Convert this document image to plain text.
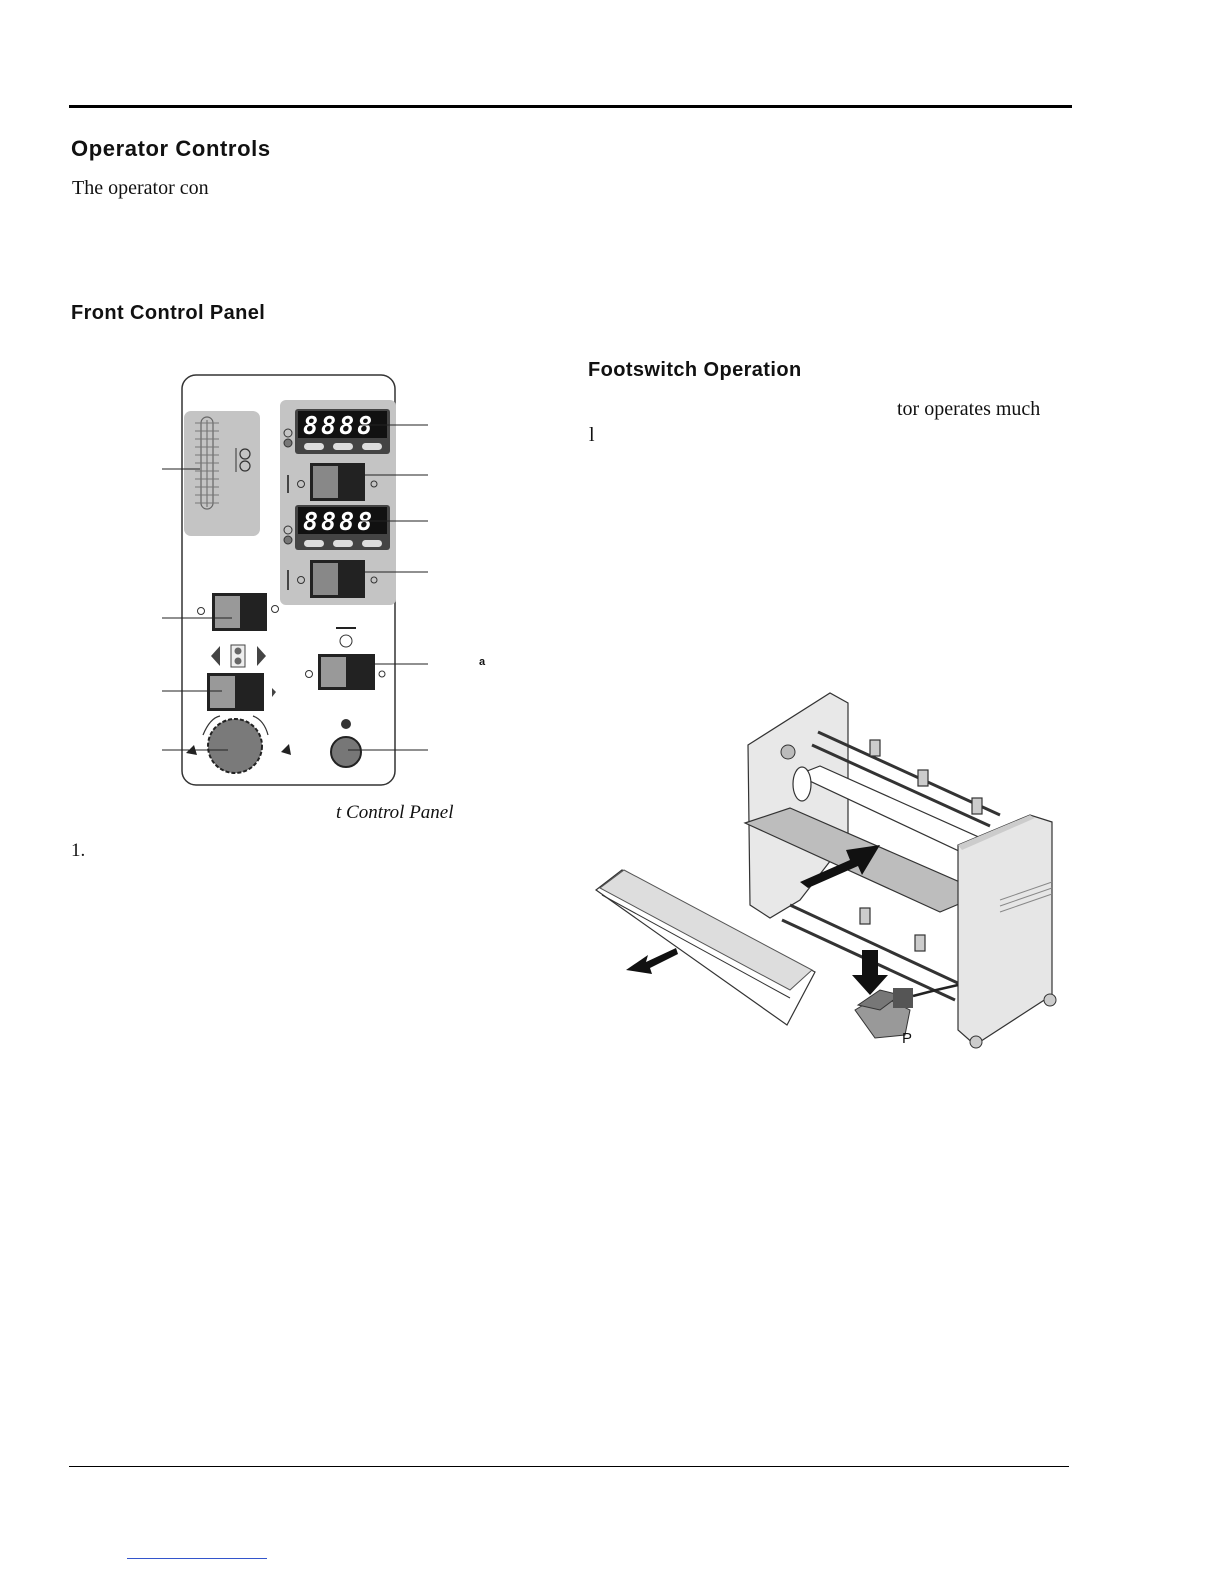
Operator Controls

The operator con

Front Control Panel
8888
8888
a

t Control Panel

1.

Footswitch Operation

tor operates much

l

P
